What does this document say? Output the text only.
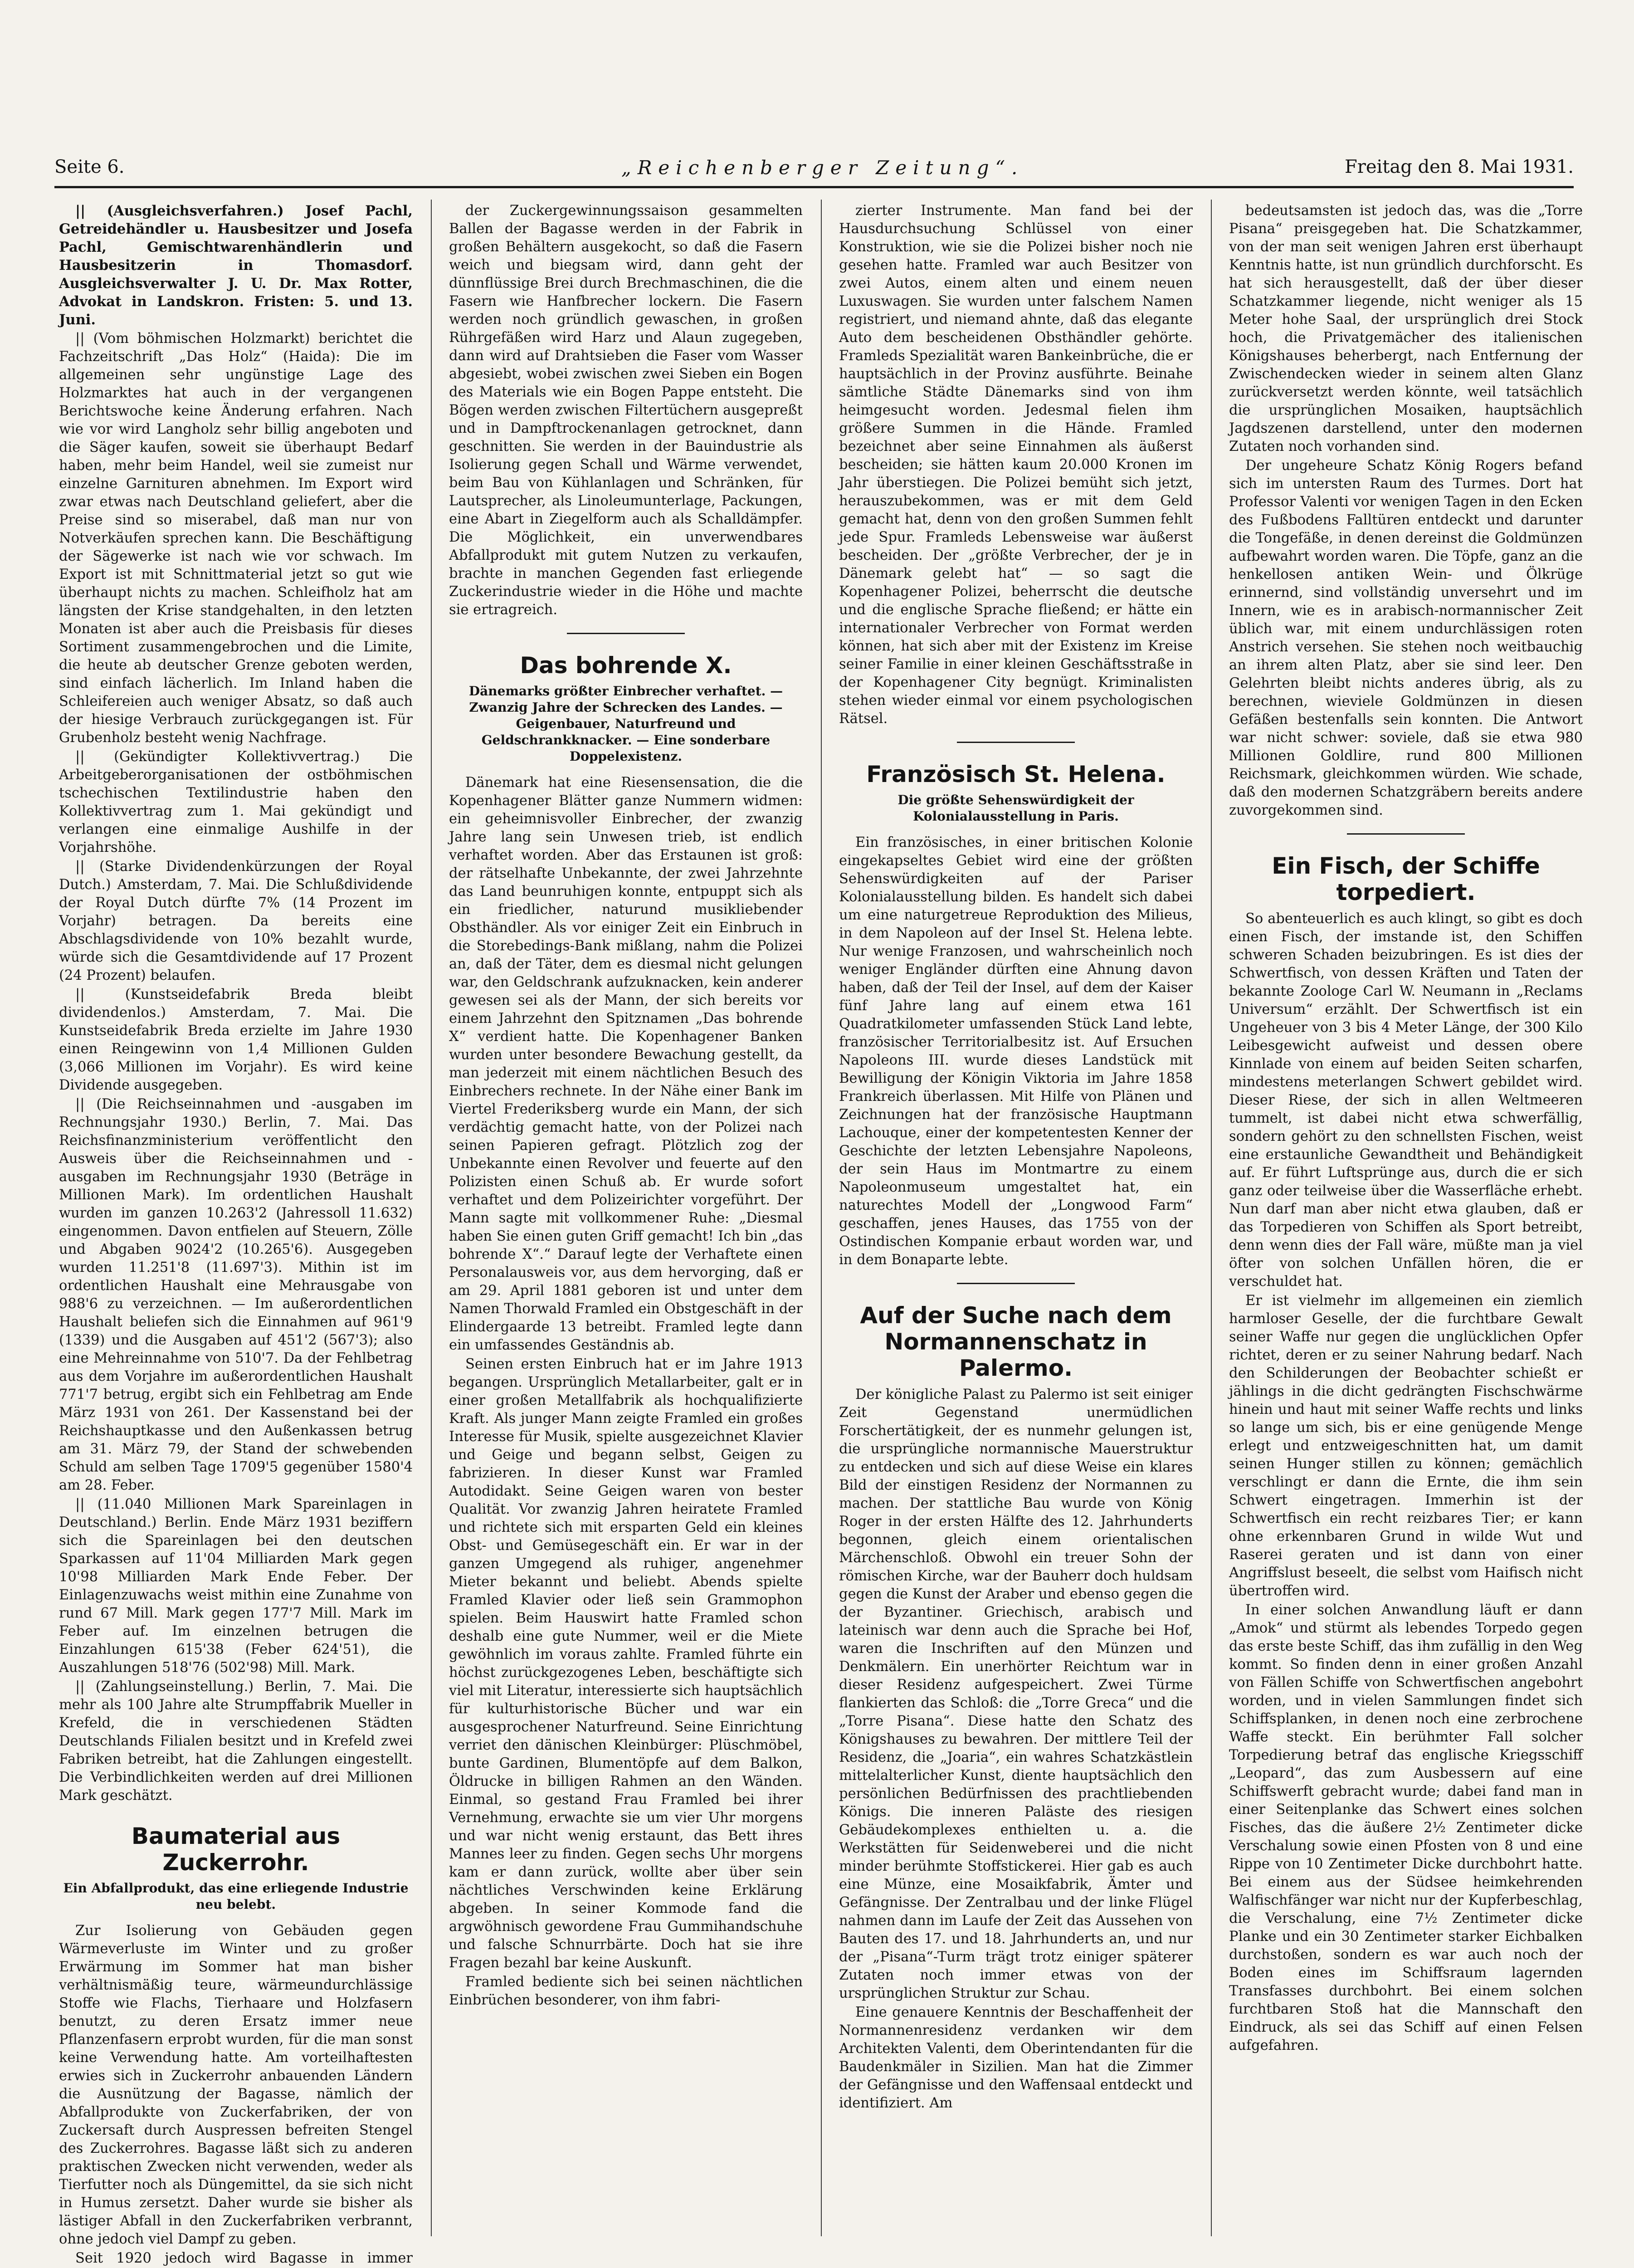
Seite 6.	„Reichenberger Zeitung“.	Freitag den 8. Mai 1931.

|| (Ausgleichsverfahren.) Josef Pachl, Getreidehändler u. Hausbesitzer und Josefa Pachl, Gemischtwarenhändlerin und Hausbesitzerin in Thomasdorf. Ausgleichsverwalter J. U. Dr. Max Rotter, Advokat in Landskron. Fristen: 5. und 13. Juni.

|| (Vom böhmischen Holzmarkt) berichtet die Fachzeitschrift „Das Holz“ (Haida): Die im allgemeinen sehr ungünstige Lage des Holzmarktes hat auch in der vergangenen Berichtswoche keine Änderung erfahren. Nach wie vor wird Langholz sehr billig angeboten und die Säger kaufen, soweit sie überhaupt Bedarf haben, mehr beim Handel, weil sie zumeist nur einzelne Garnituren abnehmen. Im Export wird zwar etwas nach Deutschland geliefert, aber die Preise sind so miserabel, daß man nur von Notverkäufen sprechen kann. Die Beschäftigung der Sägewerke ist nach wie vor schwach. Im Export ist mit Schnittmaterial jetzt so gut wie überhaupt nichts zu machen. Schleifholz hat am längsten der Krise standgehalten, in den letzten Monaten ist aber auch die Preisbasis für dieses Sortiment zusammengebrochen und die Limite, die heute ab deutscher Grenze geboten werden, sind einfach lächerlich. Im Inland haben die Schleifereien auch weniger Absatz, so daß auch der hiesige Verbrauch zurückgegangen ist. Für Grubenholz besteht wenig Nachfrage.

|| (Gekündigter Kollektivvertrag.) Die Arbeitgeberorganisationen der ostböhmischen tschechischen Textilindustrie haben den Kollektivvertrag zum 1. Mai gekündigt und verlangen eine einmalige Aushilfe in der Vorjahrshöhe.

|| (Starke Dividendenkürzungen der Royal Dutch.) Amsterdam, 7. Mai. Die Schlußdividende der Royal Dutch dürfte 7% (14 Prozent im Vorjahr) betragen. Da bereits eine Abschlagsdividende von 10% bezahlt wurde, würde sich die Gesamtdividende auf 17 Prozent (24 Prozent) belaufen.

|| (Kunstseidefabrik Breda bleibt dividendenlos.) Amsterdam, 7. Mai. Die Kunstseidefabrik Breda erzielte im Jahre 1930 einen Reingewinn von 1,4 Millionen Gulden (3,066 Millionen im Vorjahr). Es wird keine Dividende ausgegeben.

|| (Die Reichseinnahmen und -ausgaben im Rechnungsjahr 1930.) Berlin, 7. Mai. Das Reichsfinanzministerium veröffentlicht den Ausweis über die Reichseinnahmen und -ausgaben im Rechnungsjahr 1930 (Beträge in Millionen Mark). Im ordentlichen Haushalt wurden im ganzen 10.263'2 (Jahressoll 11.632) eingenommen. Davon entfielen auf Steuern, Zölle und Abgaben 9024'2 (10.265'6). Ausgegeben wurden 11.251'8 (11.697'3). Mithin ist im ordentlichen Haushalt eine Mehrausgabe von 988'6 zu verzeichnen. — Im außerordentlichen Haushalt beliefen sich die Einnahmen auf 961'9 (1339) und die Ausgaben auf 451'2 (567'3); also eine Mehreinnahme von 510'7. Da der Fehlbetrag aus dem Vorjahre im außerordentlichen Haushalt 771'7 betrug, ergibt sich ein Fehlbetrag am Ende März 1931 von 261. Der Kassenstand bei der Reichshauptkasse und den Außenkassen betrug am 31. März 79, der Stand der schwebenden Schuld am selben Tage 1709'5 gegenüber 1580'4 am 28. Feber.

|| (11.040 Millionen Mark Spareinlagen in Deutschland.) Berlin. Ende März 1931 beziffern sich die Spareinlagen bei den deutschen Sparkassen auf 11'04 Milliarden Mark gegen 10'98 Milliarden Mark Ende Feber. Der Einlagenzuwachs weist mithin eine Zunahme von rund 67 Mill. Mark gegen 177'7 Mill. Mark im Feber auf. Im einzelnen betrugen die Einzahlungen 615'38 (Feber 624'51), die Auszahlungen 518'76 (502'98) Mill. Mark.

|| (Zahlungseinstellung.) Berlin, 7. Mai. Die mehr als 100 Jahre alte Strumpffabrik Mueller in Krefeld, die in verschiedenen Städten Deutschlands Filialen besitzt und in Krefeld zwei Fabriken betreibt, hat die Zahlungen eingestellt. Die Verbindlichkeiten werden auf drei Millionen Mark geschätzt.

Baumaterial aus Zuckerrohr.
Ein Abfallprodukt, das eine erliegende Industrie neu belebt.

Zur Isolierung von Gebäuden gegen Wärmeverluste im Winter und zu großer Erwärmung im Sommer hat man bisher verhältnismäßig teure, wärmeundurchlässige Stoffe wie Flachs, Tierhaare und Holzfasern benutzt, zu deren Ersatz immer neue Pflanzenfasern erprobt wurden, für die man sonst keine Verwendung hatte. Am vorteilhaftesten erwies sich in Zuckerrohr anbauenden Ländern die Ausnützung der Bagasse, nämlich der Abfallprodukte von Zuckerfabriken, der von Zuckersaft durch Auspressen befreiten Stengel des Zuckerrohres. Bagasse läßt sich zu anderen praktischen Zwecken nicht verwenden, weder als Tierfutter noch als Düngemittel, da sie sich nicht in Humus zersetzt. Daher wurde sie bisher als lästiger Abfall in den Zuckerfabriken verbrannt, ohne jedoch viel Dampf zu geben.

Seit 1920 jedoch wird Bagasse in immer

der Zuckergewinnungssaison gesammelten Ballen der Bagasse werden in der Fabrik in großen Behältern ausgekocht, so daß die Fasern weich und biegsam wird, dann geht der dünnflüssige Brei durch Brechmaschinen, die die Fasern wie Hanfbrecher lockern. Die Fasern werden noch gründlich gewaschen, in großen Rührgefäßen wird Harz und Alaun zugegeben, dann wird auf Drahtsieben die Faser vom Wasser abgesiebt, wobei zwischen zwei Sieben ein Bogen des Materials wie ein Bogen Pappe entsteht. Die Bögen werden zwischen Filtertüchern ausgepreßt und in Dampftrockenanlagen getrocknet, dann geschnitten. Sie werden in der Bauindustrie als Isolierung gegen Schall und Wärme verwendet, beim Bau von Kühlanlagen und Schränken, für Lautsprecher, als Linoleumunterlage, Packungen, eine Abart in Ziegelform auch als Schalldämpfer. Die Möglichkeit, ein unverwendbares Abfallprodukt mit gutem Nutzen zu verkaufen, brachte in manchen Gegenden fast erliegende Zuckerindustrie wieder in die Höhe und machte sie ertragreich.

Das bohrende X.
Dänemarks größter Einbrecher verhaftet. — Zwanzig Jahre der Schrecken des Landes. — Geigenbauer, Naturfreund und Geldschrankknacker. — Eine sonderbare Doppelexistenz.

Dänemark hat eine Riesensensation, die die Kopenhagener Blätter ganze Nummern widmen: ein geheimnisvoller Einbrecher, der zwanzig Jahre lang sein Unwesen trieb, ist endlich verhaftet worden. Aber das Erstaunen ist groß: der rätselhafte Unbekannte, der zwei Jahrzehnte das Land beunruhigen konnte, entpuppt sich als ein friedlicher, naturund musikliebender Obsthändler. Als vor einiger Zeit ein Einbruch in die Storebedings-Bank mißlang, nahm die Polizei an, daß der Täter, dem es diesmal nicht gelungen war, den Geldschrank aufzuknacken, kein anderer gewesen sei als der Mann, der sich bereits vor einem Jahrzehnt den Spitznamen „Das bohrende X“ verdient hatte. Die Kopenhagener Banken wurden unter besondere Bewachung gestellt, da man jederzeit mit einem nächtlichen Besuch des Einbrechers rechnete. In der Nähe einer Bank im Viertel Frederiksberg wurde ein Mann, der sich verdächtig gemacht hatte, von der Polizei nach seinen Papieren gefragt. Plötzlich zog der Unbekannte einen Revolver und feuerte auf den Polizisten einen Schuß ab. Er wurde sofort verhaftet und dem Polizeirichter vorgeführt. Der Mann sagte mit vollkommener Ruhe: „Diesmal haben Sie einen guten Griff gemacht! Ich bin „das bohrende X“.“ Darauf legte der Verhaftete einen Personalausweis vor, aus dem hervorging, daß er am 29. April 1881 geboren ist und unter dem Namen Thorwald Framled ein Obstgeschäft in der Elindergaarde 13 betreibt. Framled legte dann ein umfassendes Geständnis ab.

Seinen ersten Einbruch hat er im Jahre 1913 begangen. Ursprünglich Metallarbeiter, galt er in einer großen Metallfabrik als hochqualifizierte Kraft. Als junger Mann zeigte Framled ein großes Interesse für Musik, spielte ausgezeichnet Klavier und Geige und begann selbst, Geigen zu fabrizieren. In dieser Kunst war Framled Autodidakt. Seine Geigen waren von bester Qualität. Vor zwanzig Jahren heiratete Framled und richtete sich mit ersparten Geld ein kleines Obst- und Gemüsegeschäft ein. Er war in der ganzen Umgegend als ruhiger, angenehmer Mieter bekannt und beliebt. Abends spielte Framled Klavier oder ließ sein Grammophon spielen. Beim Hauswirt hatte Framled schon deshalb eine gute Nummer, weil er die Miete gewöhnlich im voraus zahlte. Framled führte ein höchst zurückgezogenes Leben, beschäftigte sich viel mit Literatur, interessierte sich hauptsächlich für kulturhistorische Bücher und war ein ausgesprochener Naturfreund. Seine Einrichtung verriet den dänischen Kleinbürger: Plüschmöbel, bunte Gardinen, Blumentöpfe auf dem Balkon, Öldrucke in billigen Rahmen an den Wänden. Einmal, so gestand Frau Framled bei ihrer Vernehmung, erwachte sie um vier Uhr morgens und war nicht wenig erstaunt, das Bett ihres Mannes leer zu finden. Gegen sechs Uhr morgens kam er dann zurück, wollte aber über sein nächtliches Verschwinden keine Erklärung abgeben. In seiner Kommode fand die argwöhnisch gewordene Frau Gummihandschuhe und falsche Schnurrbärte. Doch hat sie ihre Fragen bezahl bar keine Auskunft.

Framled bediente sich bei seinen nächtlichen Einbrüchen besonderer, von ihm fabri-

zierter Instrumente. Man fand bei der Hausdurchsuchung Schlüssel von einer Konstruktion, wie sie die Polizei bisher noch nie gesehen hatte. Framled war auch Besitzer von zwei Autos, einem alten und einem neuen Luxuswagen. Sie wurden unter falschem Namen registriert, und niemand ahnte, daß das elegante Auto dem bescheidenen Obsthändler gehörte. Framleds Spezialität waren Bankeinbrüche, die er hauptsächlich in der Provinz ausführte. Beinahe sämtliche Städte Dänemarks sind von ihm heimgesucht worden. Jedesmal fielen ihm größere Summen in die Hände. Framled bezeichnet aber seine Einnahmen als äußerst bescheiden; sie hätten kaum 20.000 Kronen im Jahr überstiegen. Die Polizei bemüht sich jetzt, herauszubekommen, was er mit dem Geld gemacht hat, denn von den großen Summen fehlt jede Spur. Framleds Lebensweise war äußerst bescheiden. Der „größte Verbrecher, der je in Dänemark gelebt hat“ — so sagt die Kopenhagener Polizei, beherrscht die deutsche und die englische Sprache fließend; er hätte ein internationaler Verbrecher von Format werden können, hat sich aber mit der Existenz im Kreise seiner Familie in einer kleinen Geschäftsstraße in der Kopenhagener City begnügt. Kriminalisten stehen wieder einmal vor einem psychologischen Rätsel.

Französisch St. Helena.
Die größte Sehenswürdigkeit der Kolonialausstellung in Paris.

Ein französisches, in einer britischen Kolonie eingekapseltes Gebiet wird eine der größten Sehenswürdigkeiten auf der Pariser Kolonialausstellung bilden. Es handelt sich dabei um eine naturgetreue Reproduktion des Milieus, in dem Napoleon auf der Insel St. Helena lebte. Nur wenige Franzosen, und wahrscheinlich noch weniger Engländer dürften eine Ahnung davon haben, daß der Teil der Insel, auf dem der Kaiser fünf Jahre lang auf einem etwa 161 Quadratkilometer umfassenden Stück Land lebte, französischer Territorialbesitz ist. Auf Ersuchen Napoleons III. wurde dieses Landstück mit Bewilligung der Königin Viktoria im Jahre 1858 Frankreich überlassen. Mit Hilfe von Plänen und Zeichnungen hat der französische Hauptmann Lachouque, einer der kompetentesten Kenner der Geschichte der letzten Lebensjahre Napoleons, der sein Haus im Montmartre zu einem Napoleonmuseum umgestaltet hat, ein naturechtes Modell der „Longwood Farm“ geschaffen, jenes Hauses, das 1755 von der Ostindischen Kompanie erbaut worden war, und in dem Bonaparte lebte.

Auf der Suche nach dem Normannenschatz in Palermo.

Der königliche Palast zu Palermo ist seit einiger Zeit Gegenstand unermüdlichen Forschertätigkeit, der es nunmehr gelungen ist, die ursprüngliche normannische Mauerstruktur zu entdecken und sich auf diese Weise ein klares Bild der einstigen Residenz der Normannen zu machen. Der stattliche Bau wurde von König Roger in der ersten Hälfte des 12. Jahrhunderts begonnen, gleich einem orientalischen Märchenschloß. Obwohl ein treuer Sohn der römischen Kirche, war der Bauherr doch huldsam gegen die Kunst der Araber und ebenso gegen die der Byzantiner. Griechisch, arabisch und lateinisch war denn auch die Sprache bei Hof, waren die Inschriften auf den Münzen und Denkmälern. Ein unerhörter Reichtum war in dieser Residenz aufgespeichert. Zwei Türme flankierten das Schloß: die „Torre Greca“ und die „Torre Pisana“. Diese hatte den Schatz des Königshauses zu bewahren. Der mittlere Teil der Residenz, die „Joaria“, ein wahres Schatzkästlein mittelalterlicher Kunst, diente hauptsächlich den persönlichen Bedürfnissen des prachtliebenden Königs. Die inneren Paläste des riesigen Gebäudekomplexes enthielten u. a. die Werkstätten für Seidenweberei und die nicht minder berühmte Stoffstickerei. Hier gab es auch eine Münze, eine Mosaikfabrik, Ämter und Gefängnisse. Der Zentralbau und der linke Flügel nahmen dann im Laufe der Zeit das Aussehen von Bauten des 17. und 18. Jahrhunderts an, und nur der „Pisana“-Turm trägt trotz einiger späterer Zutaten noch immer etwas von der ursprünglichen Struktur zur Schau.

Eine genauere Kenntnis der Beschaffenheit der Normannenresidenz verdanken wir dem Architekten Valenti, dem Oberintendanten für die Baudenkmäler in Sizilien. Man hat die Zimmer der Gefängnisse und den Waffensaal entdeckt und identifiziert. Am

bedeutsamsten ist jedoch das, was die „Torre Pisana“ preisgegeben hat. Die Schatzkammer, von der man seit wenigen Jahren erst überhaupt Kenntnis hatte, ist nun gründlich durchforscht. Es hat sich herausgestellt, daß der über dieser Schatzkammer liegende, nicht weniger als 15 Meter hohe Saal, der ursprünglich drei Stock hoch, die Privatgemächer des italienischen Königshauses beherbergt, nach Entfernung der Zwischendecken wieder in seinem alten Glanz zurückversetzt werden könnte, weil tatsächlich die ursprünglichen Mosaiken, hauptsächlich Jagdszenen darstellend, unter den modernen Zutaten noch vorhanden sind.

Der ungeheure Schatz König Rogers befand sich im untersten Raum des Turmes. Dort hat Professor Valenti vor wenigen Tagen in den Ecken des Fußbodens Falltüren entdeckt und darunter die Tongefäße, in denen dereinst die Goldmünzen aufbewahrt worden waren. Die Töpfe, ganz an die henkellosen antiken Wein- und Ölkrüge erinnernd, sind vollständig unversehrt und im Innern, wie es in arabisch-normannischer Zeit üblich war, mit einem undurchlässigen roten Anstrich versehen. Sie stehen noch weitbauchig an ihrem alten Platz, aber sie sind leer. Den Gelehrten bleibt nichts anderes übrig, als zu berechnen, wieviele Goldmünzen in diesen Gefäßen bestenfalls sein konnten. Die Antwort war nicht schwer: soviele, daß sie etwa 980 Millionen Goldlire, rund 800 Millionen Reichsmark, gleichkommen würden. Wie schade, daß den modernen Schatzgräbern bereits andere zuvorgekommen sind.

Ein Fisch, der Schiffe torpediert.

So abenteuerlich es auch klingt, so gibt es doch einen Fisch, der imstande ist, den Schiffen schweren Schaden beizubringen. Es ist dies der Schwertfisch, von dessen Kräften und Taten der bekannte Zoologe Carl W. Neumann in „Reclams Universum“ erzählt. Der Schwertfisch ist ein Ungeheuer von 3 bis 4 Meter Länge, der 300 Kilo Leibesgewicht aufweist und dessen obere Kinnlade von einem auf beiden Seiten scharfen, mindestens meterlangen Schwert gebildet wird. Dieser Riese, der sich in allen Weltmeeren tummelt, ist dabei nicht etwa schwerfällig, sondern gehört zu den schnellsten Fischen, weist eine erstaunliche Gewandtheit und Behändigkeit auf. Er führt Luftsprünge aus, durch die er sich ganz oder teilweise über die Wasserfläche erhebt. Nun darf man aber nicht etwa glauben, daß er das Torpedieren von Schiffen als Sport betreibt, denn wenn dies der Fall wäre, müßte man ja viel öfter von solchen Unfällen hören, die er verschuldet hat.

Er ist vielmehr im allgemeinen ein ziemlich harmloser Geselle, der die furchtbare Gewalt seiner Waffe nur gegen die unglücklichen Opfer richtet, deren er zu seiner Nahrung bedarf. Nach den Schilderungen der Beobachter schießt er jählings in die dicht gedrängten Fischschwärme hinein und haut mit seiner Waffe rechts und links so lange um sich, bis er eine genügende Menge erlegt und entzweigeschnitten hat, um damit seinen Hunger stillen zu können; gemächlich verschlingt er dann die Ernte, die ihm sein Schwert eingetragen. Immerhin ist der Schwertfisch ein recht reizbares Tier; er kann ohne erkennbaren Grund in wilde Wut und Raserei geraten und ist dann von einer Angriffslust beseelt, die selbst vom Haifisch nicht übertroffen wird.

In einer solchen Anwandlung läuft er dann „Amok“ und stürmt als lebendes Torpedo gegen das erste beste Schiff, das ihm zufällig in den Weg kommt. So finden denn in einer großen Anzahl von Fällen Schiffe von Schwertfischen angebohrt worden, und in vielen Sammlungen findet sich Schiffsplanken, in denen noch eine zerbrochene Waffe steckt. Ein berühmter Fall solcher Torpedierung betraf das englische Kriegsschiff „Leopard“, das zum Ausbessern auf eine Schiffswerft gebracht wurde; dabei fand man in einer Seitenplanke das Schwert eines solchen Fisches, das die äußere 2½ Zentimeter dicke Verschalung sowie einen Pfosten von 8 und eine Rippe von 10 Zentimeter Dicke durchbohrt hatte. Bei einem aus der Südsee heimkehrenden Walfischfänger war nicht nur der Kupferbeschlag, die Verschalung, eine 7½ Zentimeter dicke Planke und ein 30 Zentimeter starker Eichbalken durchstoßen, sondern es war auch noch der Boden eines im Schiffsraum lagernden Transfasses durchbohrt. Bei einem solchen furchtbaren Stoß hat die Mannschaft den Eindruck, als sei das Schiff auf einen Felsen aufgefahren.
